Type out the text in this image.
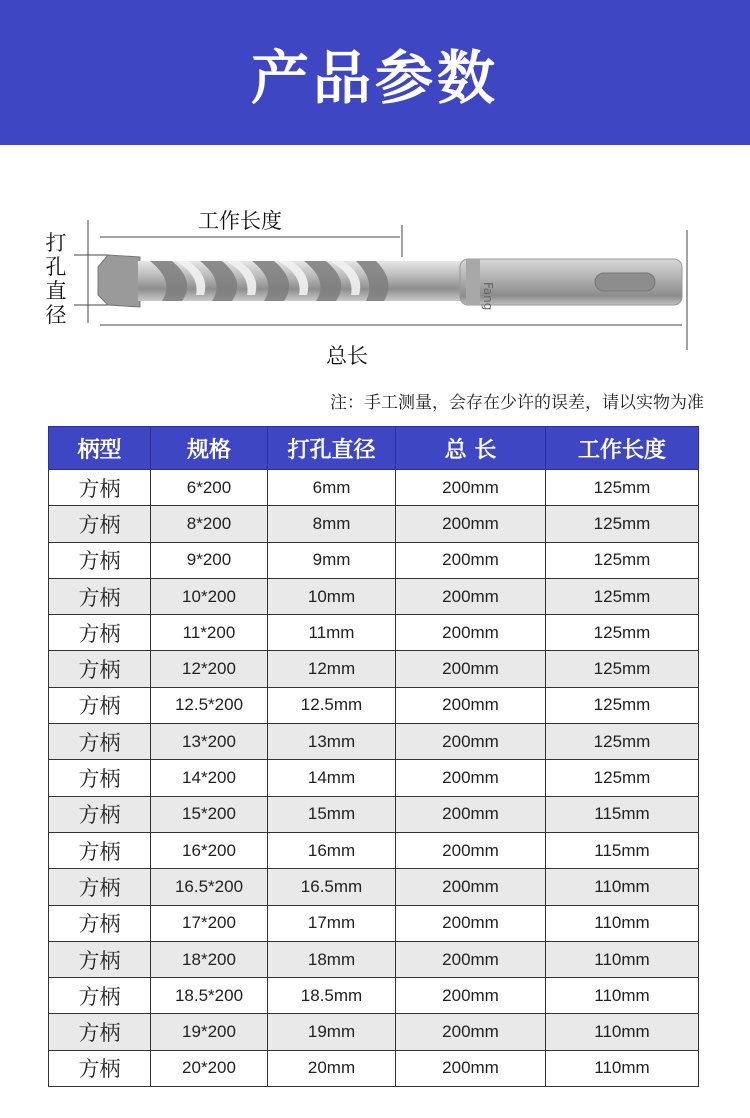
产品参数
Fang
工作长度
总长
打
孔
直
径
注：手工测量，会存在少许的误差，请以实物为准
柄型	规格	打孔直径	总 长	工作长度
方柄	6*200	6mm	200mm	125mm
方柄	8*200	8mm	200mm	125mm
方柄	9*200	9mm	200mm	125mm
方柄	10*200	10mm	200mm	125mm
方柄	11*200	11mm	200mm	125mm
方柄	12*200	12mm	200mm	125mm
方柄	12.5*200	12.5mm	200mm	125mm
方柄	13*200	13mm	200mm	125mm
方柄	14*200	14mm	200mm	125mm
方柄	15*200	15mm	200mm	115mm
方柄	16*200	16mm	200mm	115mm
方柄	16.5*200	16.5mm	200mm	110mm
方柄	17*200	17mm	200mm	110mm
方柄	18*200	18mm	200mm	110mm
方柄	18.5*200	18.5mm	200mm	110mm
方柄	19*200	19mm	200mm	110mm
方柄	20*200	20mm	200mm	110mm
